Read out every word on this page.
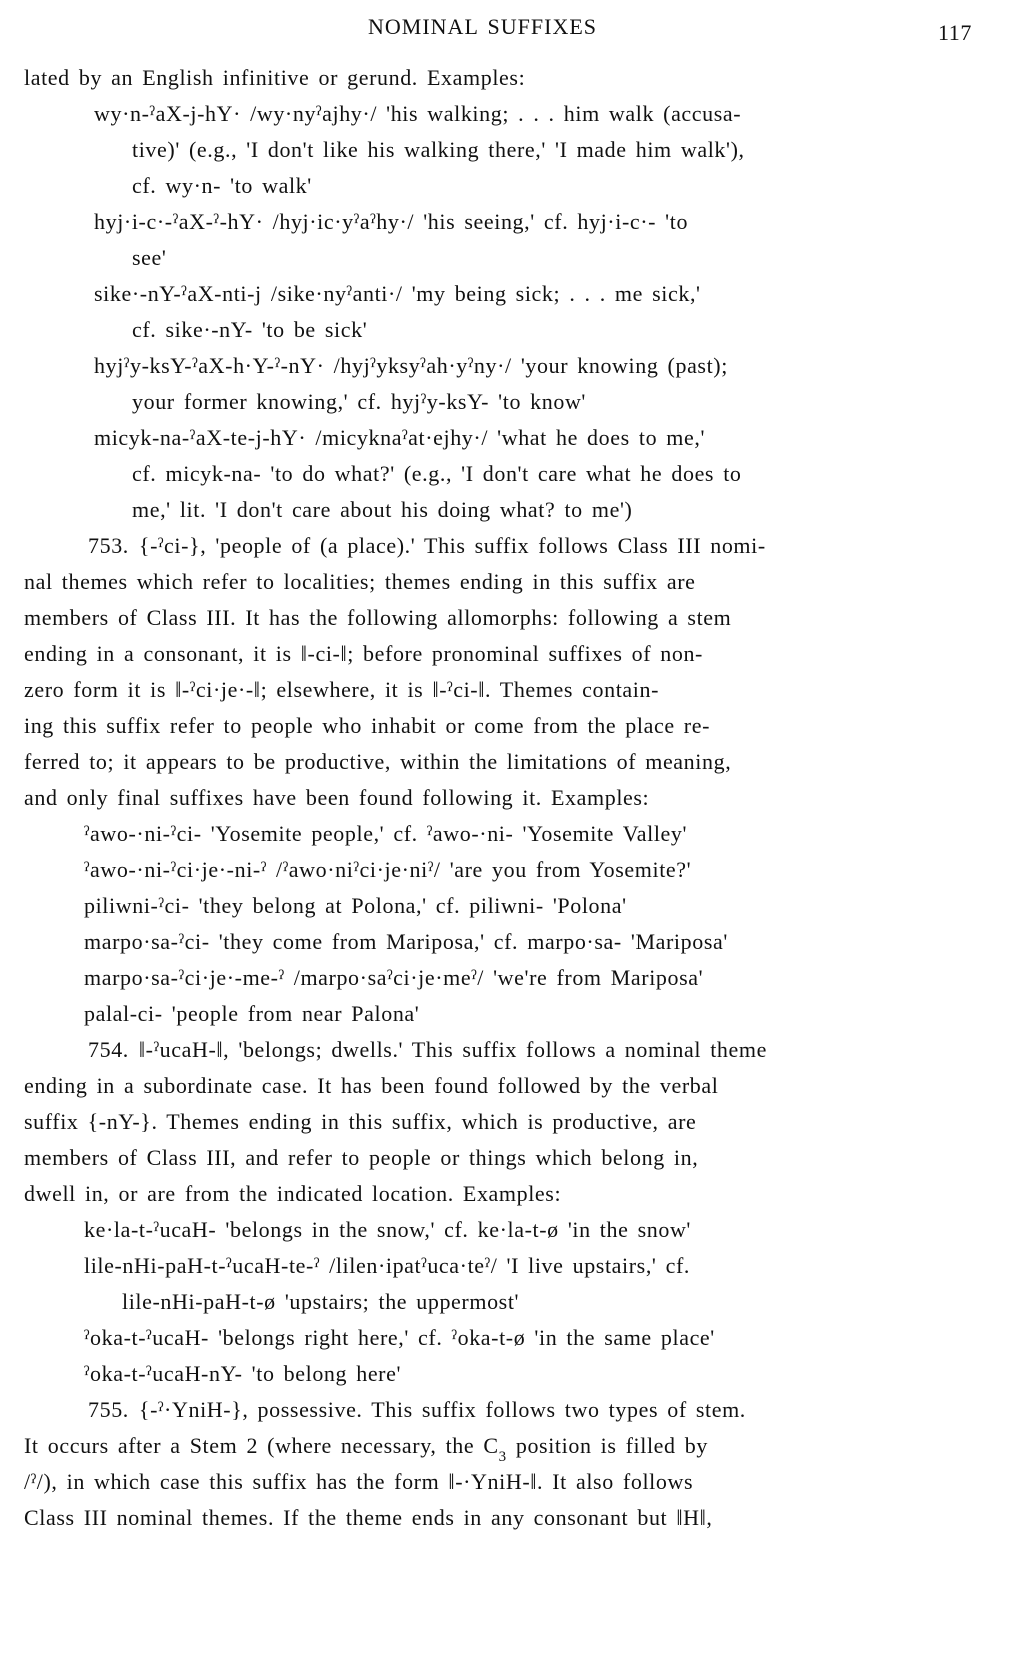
NOMINAL SUFFIXES	117
lated by an English infinitive or gerund. Examples:
wy·n-ˀaX-j-hY· /wy·nyˀajhy·/ 'his walking; . . . him walk (accusa-
tive)' (e.g., 'I don't like his walking there,' 'I made him walk'),
cf. wy·n- 'to walk'
hyj·i-c·-ˀaX-ˀ-hY· /hyj·ic·yˀaˀhy·/ 'his seeing,' cf. hyj·i-c·- 'to
see'
sike·-nY-ˀaX-nti-j /sike·nyˀanti·/ 'my being sick; . . . me sick,'
cf. sike·-nY- 'to be sick'
hyjˀy-ksY-ˀaX-h·Y-ˀ-nY· /hyjˀyksyˀah·yˀny·/ 'your knowing (past);
your former knowing,' cf. hyjˀy-ksY- 'to know'
micyk-na-ˀaX-te-j-hY· /micyknaˀat·ejhy·/ 'what he does to me,'
cf. micyk-na- 'to do what?' (e.g., 'I don't care what he does to
me,' lit. 'I don't care about his doing what? to me')
753. {-ˀci-}, 'people of (a place).' This suffix follows Class III nomi-
nal themes which refer to localities; themes ending in this suffix are
members of Class III. It has the following allomorphs: following a stem
ending in a consonant, it is ‖-ci-‖; before pronominal suffixes of non-
zero form it is ‖-ˀci·je·-‖; elsewhere, it is ‖-ˀci-‖. Themes contain-
ing this suffix refer to people who inhabit or come from the place re-
ferred to; it appears to be productive, within the limitations of meaning,
and only final suffixes have been found following it. Examples:
ˀawo-·ni-ˀci- 'Yosemite people,' cf. ˀawo-·ni- 'Yosemite Valley'
ˀawo-·ni-ˀci·je·-ni-ˀ /ˀawo·niˀci·je·niˀ/ 'are you from Yosemite?'
piliwni-ˀci- 'they belong at Polona,' cf. piliwni- 'Polona'
marpo·sa-ˀci- 'they come from Mariposa,' cf. marpo·sa- 'Mariposa'
marpo·sa-ˀci·je·-me-ˀ /marpo·saˀci·je·meˀ/ 'we're from Mariposa'
palal-ci- 'people from near Palona'
754. ‖-ˀucaH-‖, 'belongs; dwells.' This suffix follows a nominal theme
ending in a subordinate case. It has been found followed by the verbal
suffix {-nY-}. Themes ending in this suffix, which is productive, are
members of Class III, and refer to people or things which belong in,
dwell in, or are from the indicated location. Examples:
ke·la-t-ˀucaH- 'belongs in the snow,' cf. ke·la-t-ø 'in the snow'
lile-nHi-paH-t-ˀucaH-te-ˀ /lilen·ipatˀuca·teˀ/ 'I live upstairs,' cf.
lile-nHi-paH-t-ø 'upstairs; the uppermost'
ˀoka-t-ˀucaH- 'belongs right here,' cf. ˀoka-t-ø 'in the same place'
ˀoka-t-ˀucaH-nY- 'to belong here'
755. {-ˀ·YniH-}, possessive. This suffix follows two types of stem.
It occurs after a Stem 2 (where necessary, the $C_3$ position is filled by
/ˀ/), in which case this suffix has the form ‖-·YniH-‖. It also follows
Class III nominal themes. If the theme ends in any consonant but ‖H‖,
